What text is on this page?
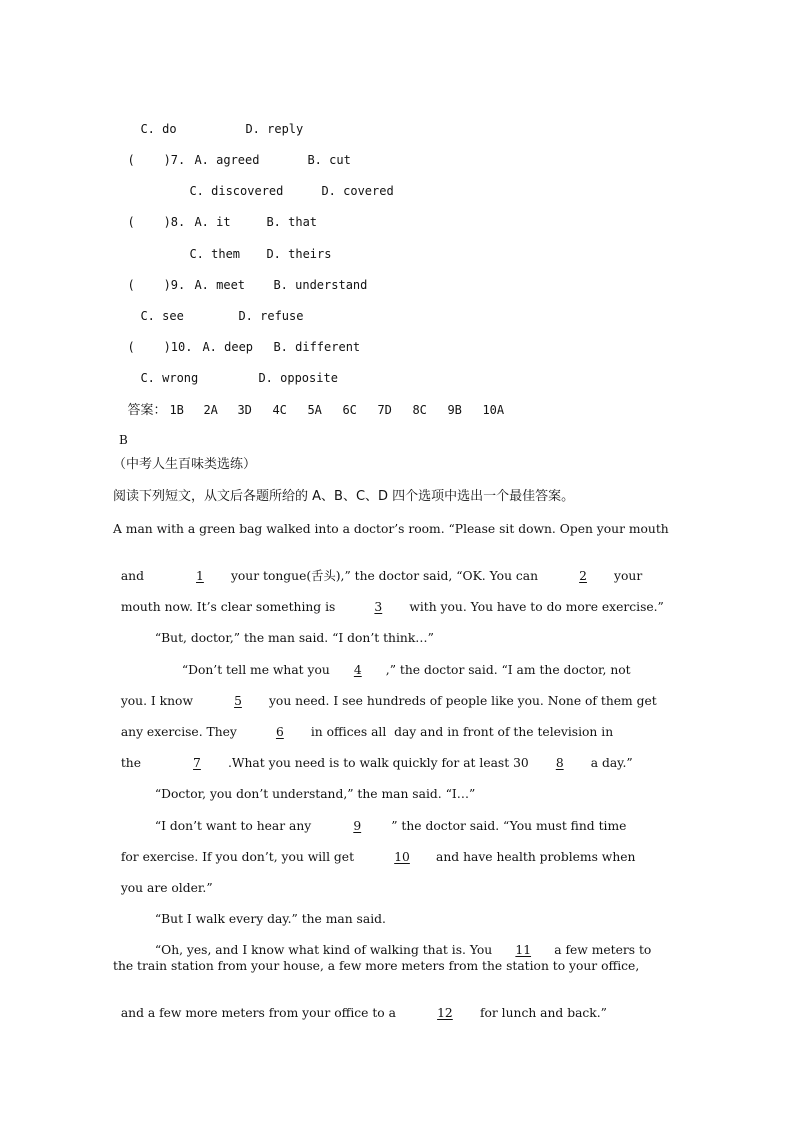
C. do	D. reply

(    )7. A. agreed	B. cut

C. discovered	D. covered

(    )8. A. it	B. that

C. them D. theirs

(    )9. A. meet B. understand

C. see	D. refuse

(    )10. A. deep B. different

C. wrong	D. opposite

答案： 1B 2A 3D 4C 5A 6C 7D 8C 9B 10A

B
（中考人生百味类选练）
阅读下列短文，从文后各题所给的 A、B、C、D 四个选项中选出一个最佳答案。
A man with a green bag walked into a doctor’s room. “Please sit down. Open your mouth

and	1 your tongue(舌头),” the doctor said, “OK. You can	2 your

mouth now. It’s clear something is	3 with you. You have to do more exercise.”

“But, doctor,” the man said. “I don’t think…”

“Don’t tell me what you 4 ,” the doctor said. “I am the doctor, not

you. I know	5 you need. I see hundreds of people like you. None of them get

any exercise. They	6 in offices all  day and in front of the television in

the	7 .What you need is to walk quickly for at least 30 8 a day.”

“Doctor, you don’t understand,” the man said. “I…”

“I don’t want to hear any	9 ” the doctor said. “You must find time

for exercise. If you don’t, you will get	10 and have health problems when

you are older.”

“But I walk every day.” the man said.

“Oh, yes, and I know what kind of walking that is. You 11 a few meters to

the train station from your house, a few more meters from the station to your office,

and a few more meters from your office to a	12 for lunch and back.”
